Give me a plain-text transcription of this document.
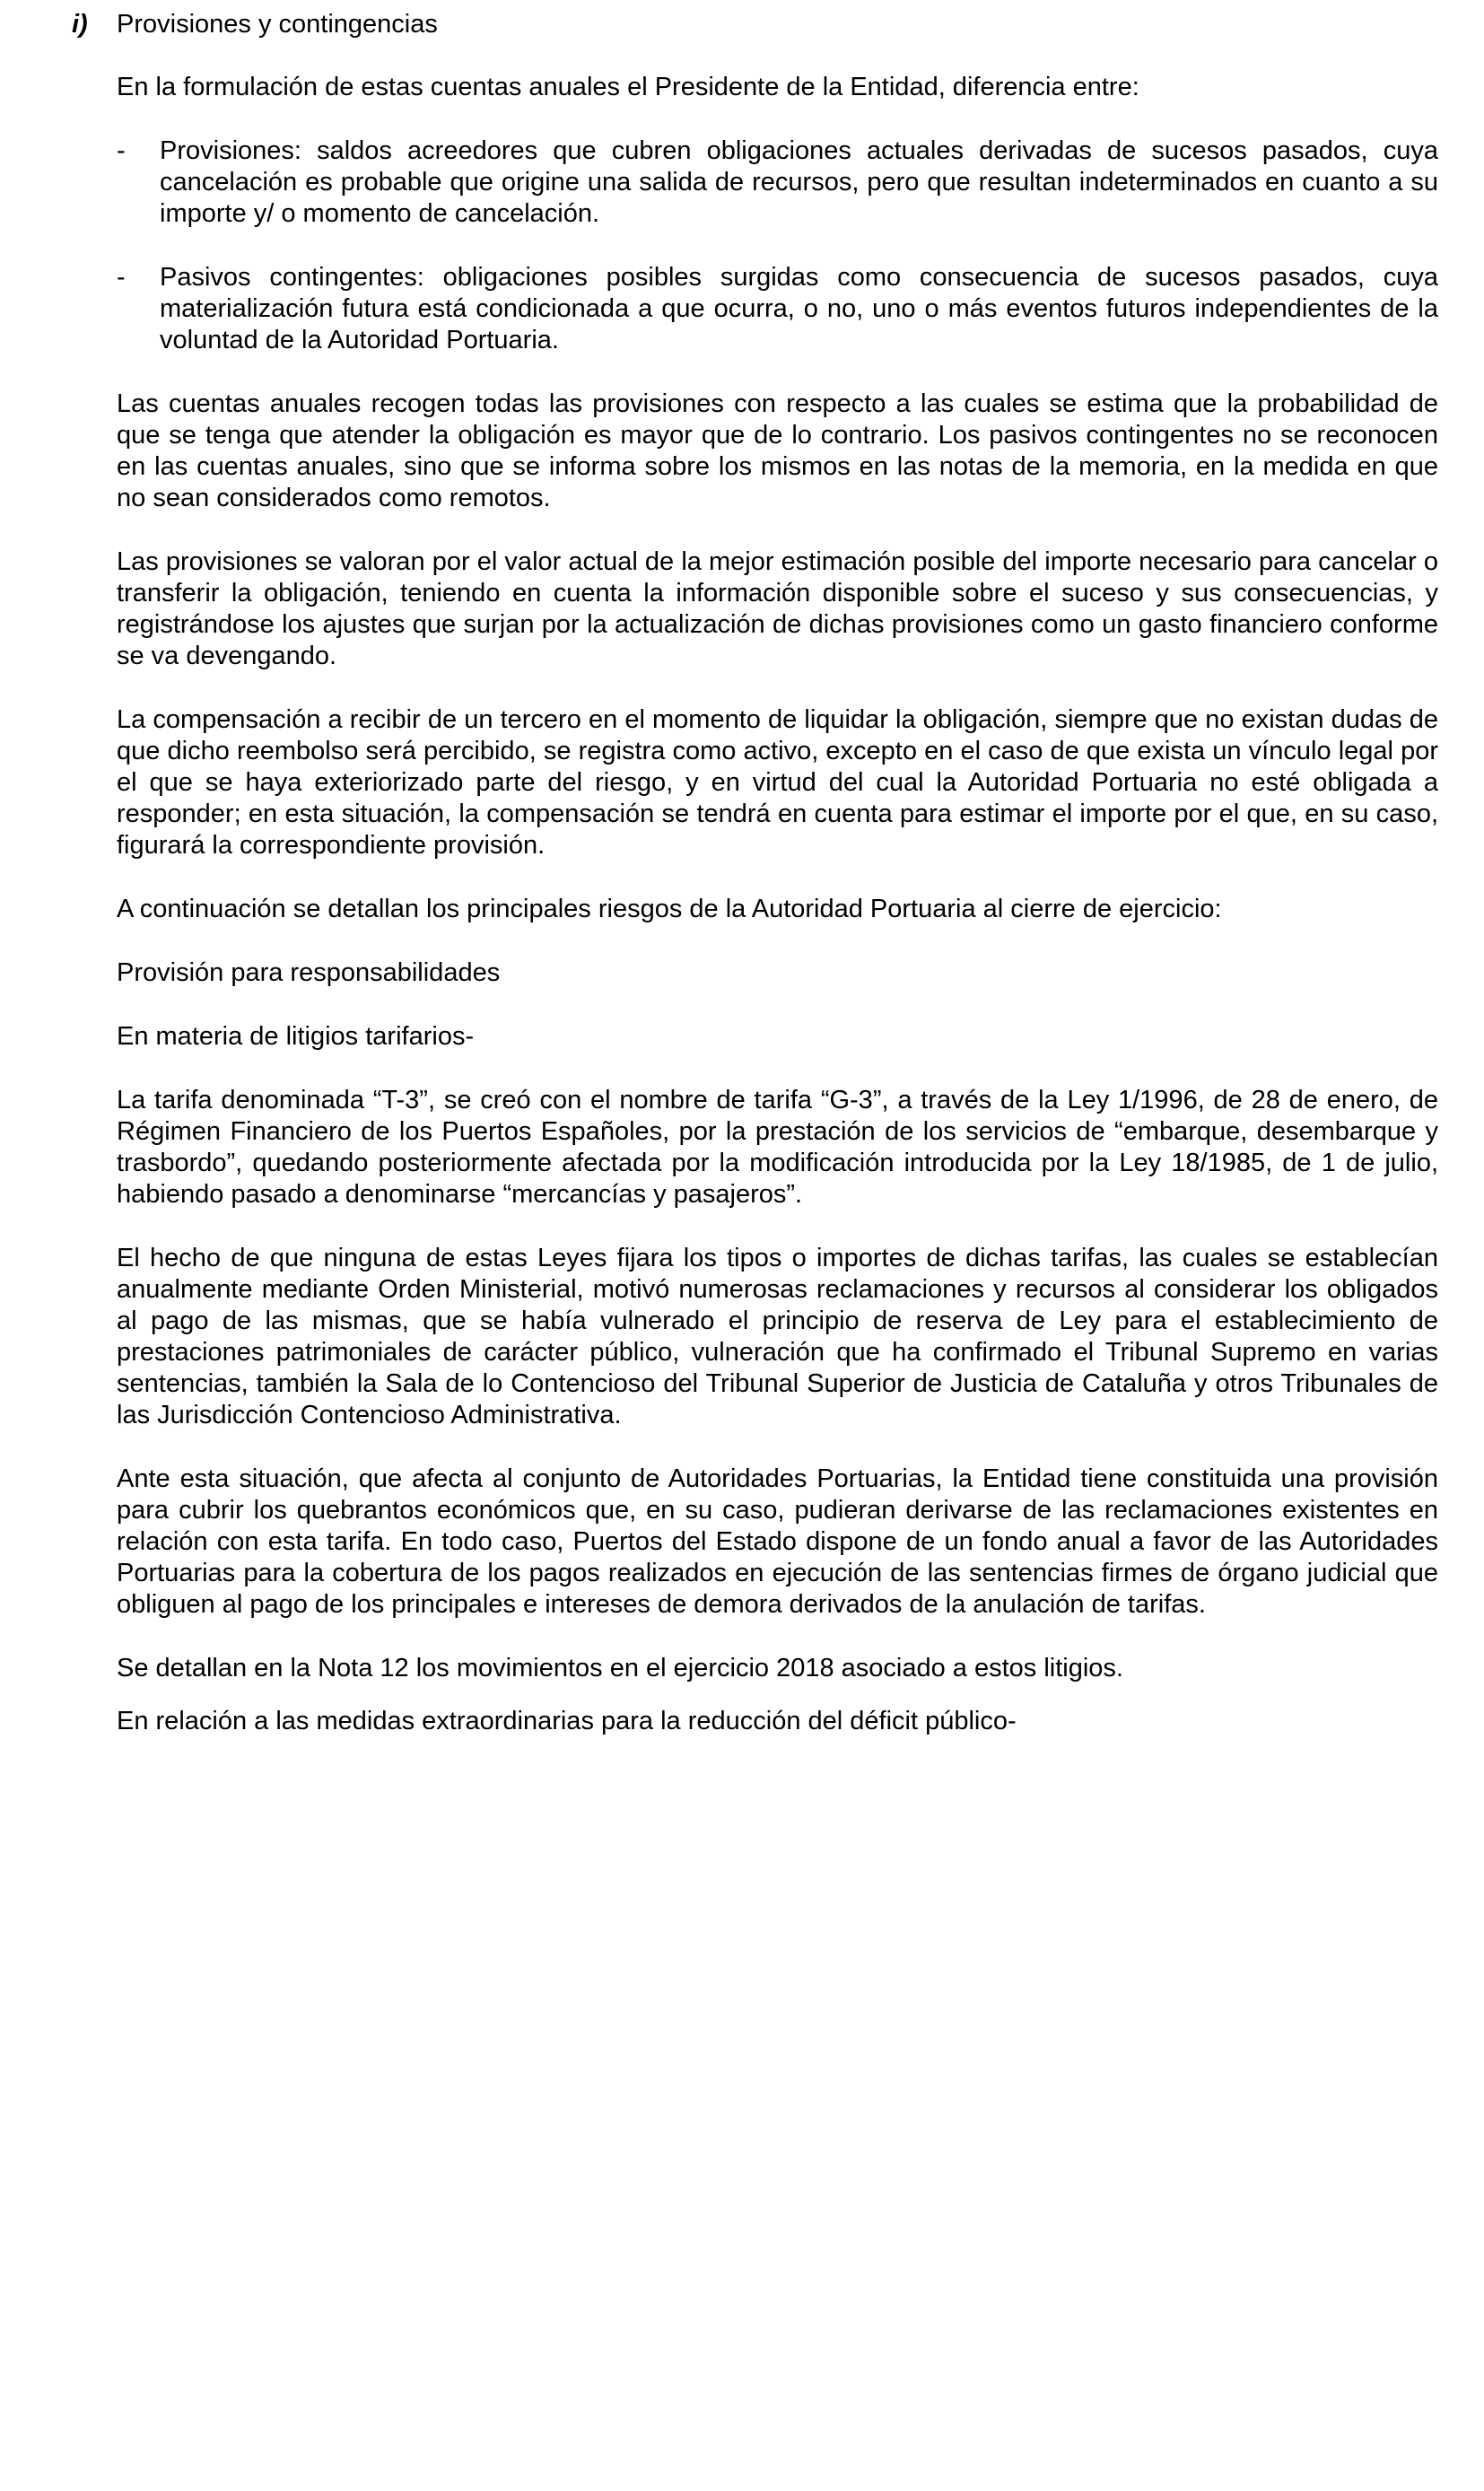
i) Provisiones y contingencias

En la formulación de estas cuentas anuales el Presidente de la Entidad, diferencia entre:

- Provisiones: saldos acreedores que cubren obligaciones actuales derivadas de sucesos pasados, cuya cancelación es probable que origine una salida de recursos, pero que resultan indeterminados en cuanto a su importe y/ o momento de cancelación.
- Pasivos contingentes: obligaciones posibles surgidas como consecuencia de sucesos pasados, cuya materialización futura está condicionada a que ocurra, o no, uno o más eventos futuros independientes de la voluntad de la Autoridad Portuaria.

Las cuentas anuales recogen todas las provisiones con respecto a las cuales se estima que la probabilidad de que se tenga que atender la obligación es mayor que de lo contrario. Los pasivos contingentes no se reconocen en las cuentas anuales, sino que se informa sobre los mismos en las notas de la memoria, en la medida en que no sean considerados como remotos.

Las provisiones se valoran por el valor actual de la mejor estimación posible del importe necesario para cancelar o transferir la obligación, teniendo en cuenta la información disponible sobre el suceso y sus consecuencias, y registrándose los ajustes que surjan por la actualización de dichas provisiones como un gasto financiero conforme se va devengando.

La compensación a recibir de un tercero en el momento de liquidar la obligación, siempre que no existan dudas de que dicho reembolso será percibido, se registra como activo, excepto en el caso de que exista un vínculo legal por el que se haya exteriorizado parte del riesgo, y en virtud del cual la Autoridad Portuaria no esté obligada a responder; en esta situación, la compensación se tendrá en cuenta para estimar el importe por el que, en su caso, figurará la correspondiente provisión.

A continuación se detallan los principales riesgos de la Autoridad Portuaria al cierre de ejercicio:

Provisión para responsabilidades

En materia de litigios tarifarios-

La tarifa denominada “T-3”, se creó con el nombre de tarifa “G-3”, a través de la Ley 1/1996, de 28 de enero, de Régimen Financiero de los Puertos Españoles, por la prestación de los servicios de “embarque, desembarque y trasbordo”, quedando posteriormente afectada por la modificación introducida por la Ley 18/1985, de 1 de julio, habiendo pasado a denominarse “mercancías y pasajeros”.

El hecho de que ninguna de estas Leyes fijara los tipos o importes de dichas tarifas, las cuales se establecían anualmente mediante Orden Ministerial, motivó numerosas reclamaciones y recursos al considerar los obligados al pago de las mismas, que se había vulnerado el principio de reserva de Ley para el establecimiento de prestaciones patrimoniales de carácter público, vulneración que ha confirmado el Tribunal Supremo en varias sentencias, también la Sala de lo Contencioso del Tribunal Superior de Justicia de Cataluña y otros Tribunales de las Jurisdicción Contencioso Administrativa.

Ante esta situación, que afecta al conjunto de Autoridades Portuarias, la Entidad tiene constituida una provisión para cubrir los quebrantos económicos que, en su caso, pudieran derivarse de las reclamaciones existentes en relación con esta tarifa. En todo caso, Puertos del Estado dispone de un fondo anual a favor de las Autoridades Portuarias para la cobertura de los pagos realizados en ejecución de las sentencias firmes de órgano judicial que obliguen al pago de los principales e intereses de demora derivados de la anulación de tarifas.

Se detallan en la Nota 12 los movimientos en el ejercicio 2018 asociado a estos litigios.

En relación a las medidas extraordinarias para la reducción del déficit público-
